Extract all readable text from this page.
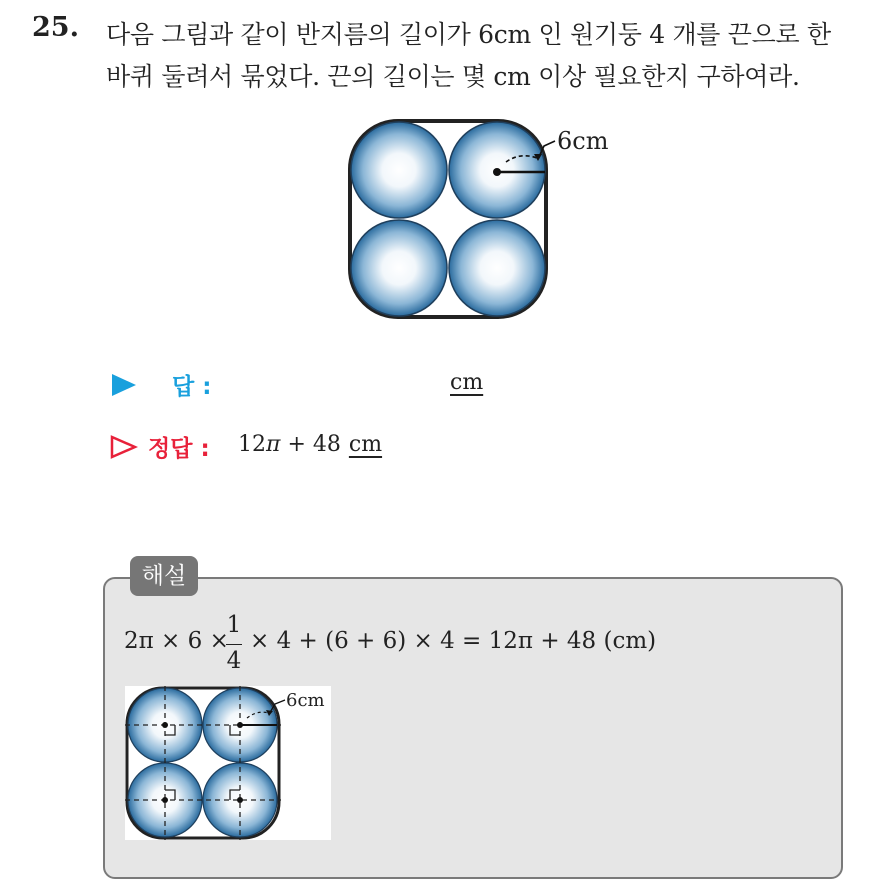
25. 다음 그림과 같이 반지름의 길이가 6cm 인 원기둥 4 개를 끈으로 한
바퀴 둘려서 묶었다. 끈의 길이는 몇 cm 이상 필요한지 구하여라.
6cm
답 :	cm
정답 : 12π + 48 cm
해설
2π × 6 ×
1
4
× 4 + (6 + 6) × 4 = 12π + 48 (cm)
6cm
